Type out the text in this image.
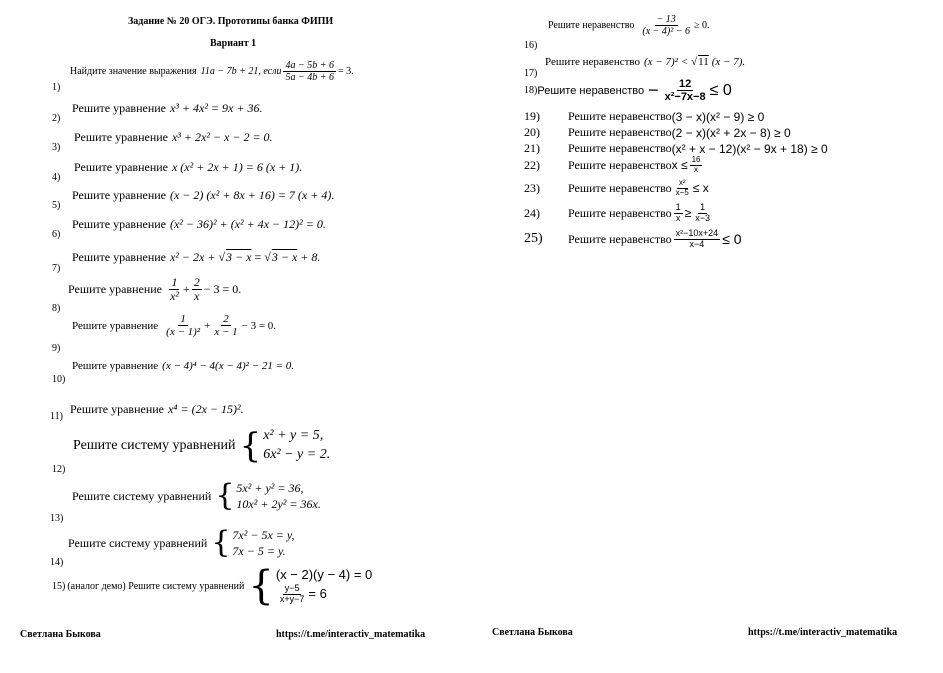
Задание № 20 ОГЭ. Прототипы банка ФИПИ
Вариант 1
1)
Найдите значение выражения 11a − 7b + 21, если $\frac{4a - 5b + 6}{5a - 4b + 6} = 3$.
2)
Решите уравнение x³ + 4x² = 9x + 36.
3)
Решите уравнение x³ + 2x² − x − 2 = 0.
4)
Решите уравнение x (x² + 2x + 1) = 6 (x + 1).
5)
Решите уравнение (x − 2) (x² + 8x + 16) = 7 (x + 4).
6)
Решите уравнение (x² − 36)² + (x² + 4x − 12)² = 0.
7)
Решите уравнение x² − 2x + √ 3 − x = √ 3 − x + 8.
8)
Решите уравнение $\frac{1}{\text{x²}} + \frac{2}{x} - 3 = 0$.
9)
Решите уравнение $\frac{1}{\text{(x − 1)²}} + \frac{2}{x - 1} - 3 = 0$.
10)
Решите уравнение (x − 4)⁴ − 4(x − 4)² − 21 = 0.
11)
Решите уравнение x⁴ = (2x − 15)².
12)
Решите систему уравнений { x² + y = 5,
6x² − y = 2.
13)
Решите систему уравнений { 5x² + y² = 36,
10x² + 2y² = 36x.
14)
Решите систему уравнений { 7x² − 5x = y,
7x − 5 = y.
15) (аналог демо) Решите систему уравнений { (x − 2)(y − 4) = 0
$\frac{y-5}{x+y-7} = 6$
16)
Решите неравенство $\frac{- 13}{\text{(x − 4)² − 6}} \ge 0$.
17)
Решите неравенство (x − 7)² < √ 11 (x − 7).
18) Решите неравенство − $\frac{12}{\text{x²−7x−8}} \le 0$
19)	Решите неравенство (3 − x)(x² − 9) ≥ 0
20)	Решите неравенство (2 − x)(x² + 2x − 8) ≥ 0
21)	Решите неравенство (x² + x − 12)(x² − 9x + 18) ≥ 0
22)	Решите неравенство $x \le \frac{16}{x}$
23)	Решите неравенство $\frac{\text{x²}}{x-5} \le x$
24)	Решите неравенство $\frac{1}{x} \ge \frac{1}{x-3}$
25)	Решите неравенство $\frac{\text{x²−10x+24}}{x-4} \le 0$
Светлана Быкова	https://t.me/interactiv_matematika	Светлана Быкова	https://t.me/interactiv_matematika
